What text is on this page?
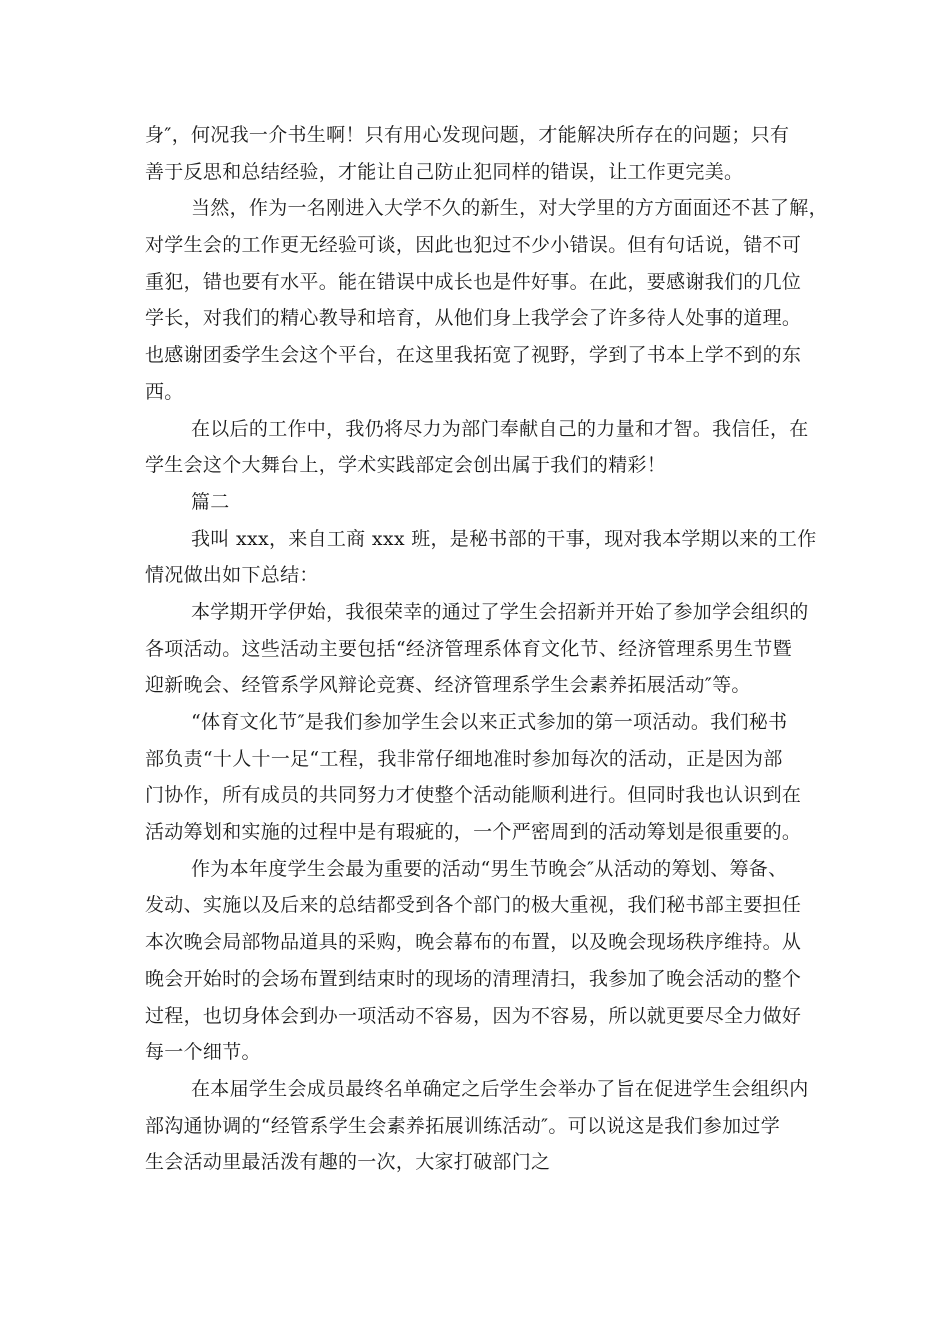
身″，何况我一介书生啊！只有用心发现问题，才能解决所存在的问题；只有
善于反思和总结经验，才能让自己防止犯同样的错误，让工作更完美。
当然，作为一名刚进入大学不久的新生，对大学里的方方面面还不甚了解，
对学生会的工作更无经验可谈，因此也犯过不少小错误。但有句话说，错不可
重犯，错也要有水平。能在错误中成长也是件好事。在此，要感谢我们的几位
学长，对我们的精心教导和培育，从他们身上我学会了许多待人处事的道理。
也感谢团委学生会这个平台，在这里我拓宽了视野，学到了书本上学不到的东
西。
在以后的工作中，我仍将尽力为部门奉献自己的力量和才智。我信任，在
学生会这个大舞台上，学术实践部定会创出属于我们的精彩！
篇二
我叫 xxx，来自工商 xxx 班，是秘书部的干事，现对我本学期以来的工作
情况做出如下总结：
本学期开学伊始，我很荣幸的通过了学生会招新并开始了参加学会组织的
各项活动。这些活动主要包括“经济管理系体育文化节、经济管理系男生节暨
迎新晚会、经管系学风辩论竞赛、经济管理系学生会素养拓展活动″等。
“体育文化节″是我们参加学生会以来正式参加的第一项活动。我们秘书
部负责“十人十一足“工程，我非常仔细地准时参加每次的活动，正是因为部
门协作，所有成员的共同努力才使整个活动能顺利进行。但同时我也认识到在
活动筹划和实施的过程中是有瑕疵的，一个严密周到的活动筹划是很重要的。
作为本年度学生会最为重要的活动“男生节晚会″从活动的筹划、筹备、
发动、实施以及后来的总结都受到各个部门的极大重视，我们秘书部主要担任
本次晚会局部物品道具的采购，晚会幕布的布置，以及晚会现场秩序维持。从
晚会开始时的会场布置到结束时的现场的清理清扫，我参加了晚会活动的整个
过程，也切身体会到办一项活动不容易，因为不容易，所以就更要尽全力做好
每一个细节。
在本届学生会成员最终名单确定之后学生会举办了旨在促进学生会组织内
部沟通协调的“经管系学生会素养拓展训练活动″。可以说这是我们参加过学
生会活动里最活泼有趣的一次，大家打破部门之
